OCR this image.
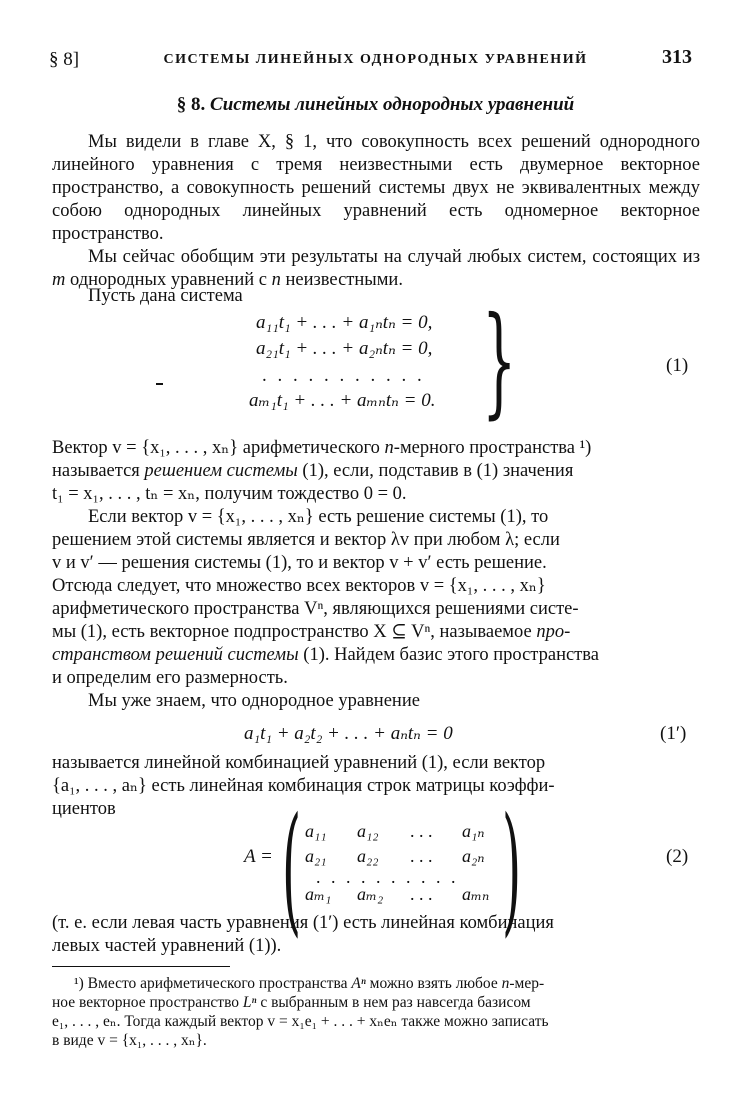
§ 8]	СИСТЕМЫ ЛИНЕЙНЫХ ОДНОРОДНЫХ УРАВНЕНИЙ	313
§ 8. Системы линейных однородных уравнений
Мы видели в главе X, § 1, что совокупность всех решений однородного линейного уравнения с тремя неизвестными есть двумерное векторное пространство, а совокупность решений системы двух не эквивалентных между собою однородных линейных уравнений есть одномерное векторное пространство.
Мы сейчас обобщим эти результаты на случай любых систем, состоящих из m однородных уравнений с n неизвестными.
Пусть дана система
a₁₁t₁ + . . . + a₁ₙtₙ = 0,
a₂₁t₁ + . . . + a₂ₙtₙ = 0,
. . . . . . . . . . .
aₘ₁t₁ + . . . + aₘₙtₙ = 0. }	(1)
Вектор v = {x₁, . . . , xₙ} арифметического n-мерного пространства ¹)
называется решением системы (1), если, подставив в (1) значения
t₁ = x₁, . . . , tₙ = xₙ, получим тождество 0 = 0.
Если вектор v = {x₁, . . . , xₙ} есть решение системы (1), то
решением этой системы является и вектор λv при любом λ; если
v и v′ — решения системы (1), то и вектор v + v′ есть решение.
Отсюда следует, что множество всех векторов v = {x₁, . . . , xₙ}
арифметического пространства Vⁿ, являющихся решениями систе-
мы (1), есть векторное подпространство X ⊆ Vⁿ, называемое про-
странством решений системы (1). Найдем базис этого пространства
и определим его размерность.
Мы уже знаем, что однородное уравнение
a₁t₁ + a₂t₂ + . . . + aₙtₙ = 0	(1′)
называется линейной комбинацией уравнений (1), если вектор
{a₁, . . . , aₙ} есть линейная комбинация строк матрицы коэффи-
циентов
A = ( )
a₁₁ a₁₂ . . . a₁ₙ
a₂₁ a₂₂ . . . a₂ₙ
. . . . . . . . . .
aₘ₁ aₘ₂ . . . aₘₙ
(2)
(т. е. если левая часть уравнения (1′) есть линейная комбинация
левых частей уравнений (1)).
¹) Вместо арифметического пространства Aⁿ можно взять любое n-мер-
ное векторное пространство Lⁿ с выбранным в нем раз навсегда базисом
e₁, . . . , eₙ. Тогда каждый вектор v = x₁e₁ + . . . + xₙeₙ также можно записать
в виде v = {x₁, . . . , xₙ}.
